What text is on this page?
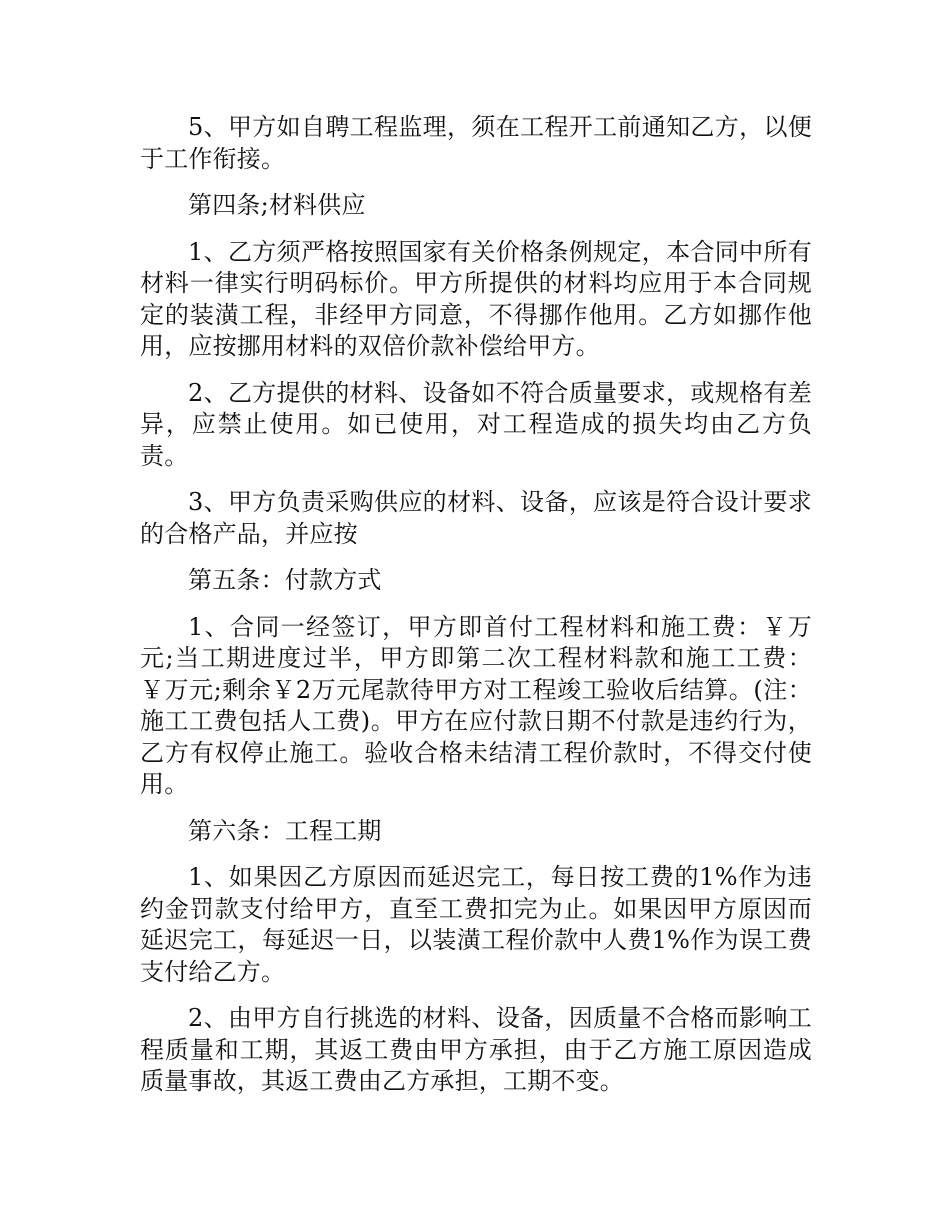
5、甲方如自聘工程监理，须在工程开工前通知乙方，以便于工作衔接。

第四条;材料供应

1、乙方须严格按照国家有关价格条例规定，本合同中所有材料一律实行明码标价。甲方所提供的材料均应用于本合同规定的装潢工程，非经甲方同意，不得挪作他用。乙方如挪作他用，应按挪用材料的双倍价款补偿给甲方。

2、乙方提供的材料、设备如不符合质量要求，或规格有差异，应禁止使用。如已使用，对工程造成的损失均由乙方负责。

3、甲方负责采购供应的材料、设备，应该是符合设计要求的合格产品，并应按

第五条：付款方式

1、合同一经签订，甲方即首付工程材料和施工费：￥万元;当工期进度过半，甲方即第二次工程材料款和施工工费：￥万元;剩余￥2万元尾款待甲方对工程竣工验收后结算。(注：施工工费包括人工费)。甲方在应付款日期不付款是违约行为，乙方有权停止施工。验收合格未结清工程价款时，不得交付使用。

第六条：工程工期

1、如果因乙方原因而延迟完工，每日按工费的1%作为违约金罚款支付给甲方，直至工费扣完为止。如果因甲方原因而延迟完工，每延迟一日，以装潢工程价款中人费1%作为误工费支付给乙方。

2、由甲方自行挑选的材料、设备，因质量不合格而影响工程质量和工期，其返工费由甲方承担，由于乙方施工原因造成质量事故，其返工费由乙方承担，工期不变。
